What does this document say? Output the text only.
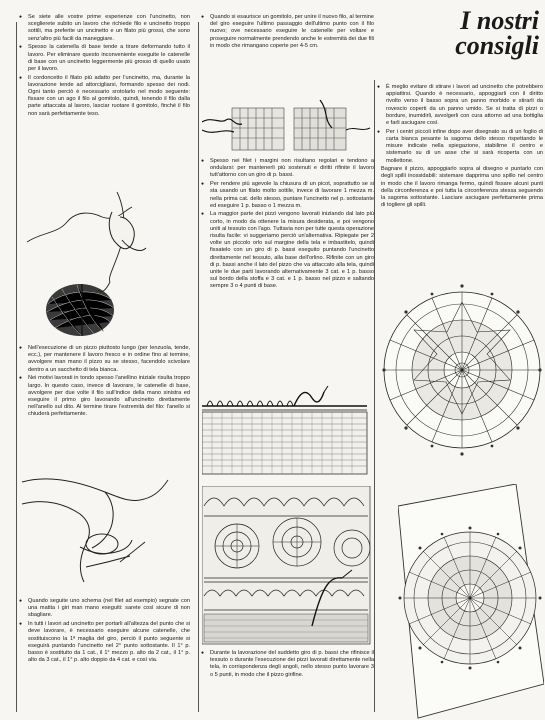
I nostri
consigli

● Se siete alle vostre prime esperienze con l'uncinetto, non sceglierete subito un lavoro che richiede filo e uncinetto troppo sottili, ma preferite un uncinetto e un filato più grossi, che sono senz'altro più facili da maneggiare.

● Spesso la catenella di base tende a tirare deformando tutto il lavoro. Per eliminare questo inconveniente eseguite le catenelle di base con un uncinetto leggermente più grosso di quello usato per il lavoro.

● Il cordoncetto il filato più adatto per l'uncinetto, ma, durante la lavorazione tende ad attorcigliarsi, formando spesso dei nodi. Ogni tanto perciò è necessario srotolarlo nel modo seguente: fissare con un ago il filo al gomitolo, quindi, tenendo il filo dalla parte attaccata al lavoro, lasciar ruotare il gomitolo, finché il filo non sarà perfettamente teso.

● Nell'esecuzione di un pizzo piuttosto lungo (per lenzuola, tende, ecc.), per mantenere il lavoro fresco e in ordine fino al termine, avvolgere man mano il pizzo su se stesso, facendolo scivolare dentro a un sacchetto di tela bianca.

● Nei motivi lavorati in tondo spesso l'anellino iniziale risulta troppo largo. In questo caso, invece di lavorare, le catenelle di base, avvolgere per due volte il filo sull'indice della mano sinistra ed eseguire il primo giro lavorando all'uncinetto direttamente nell'anello sul dito. Al termine tirare l'estremità del filo: l'anello si chiuderà perfettamente.

● Quando seguite uno schema (nel filet ad esempio) segnate con una matita i giri man mano eseguiti: sarete così sicure di non sbagliare.

● In tutti i lavori ad uncinetto per portarli all'altezza del punto che si deve lavorare, è necessario eseguire alcune catenelle, che sostituiscono la 1ª maglia del giro, perciò il punto seguente si eseguirà puntando l'uncinetto nel 2° punto sottostante. Il 1° p. basso è sostituito da 1 cat., il 1° mezzo p. alto da 2 cat., il 1° p. alto da 3 cat., il 1° p. alto doppio da 4 cat. e così via.

● Quando si esaurisce un gomitolo, per unire il nuovo filo, al termine del giro eseguire l'ultimo passaggio dell'ultimo punto con il filo nuovo; ove necessario eseguire le catenelle per voltare e proseguire normalmente prendendo anche le estremità dei due fili in modo che rimangano coperte per 4-5 cm.

● Spesso nei filet i margini non risultano regolari e tendono a ondularsi: per mantenerli più sostenuti e diritti rifinite il lavoro tutt'attorno con un giro di p. bassi.

● Per rendere più agevole la chiusura di un picot, soprattutto se si sta usando un filato molto sottile, invece di lavorare 1 mezza m. nella prima cat. dello stesso, puntare l'uncinetto nel p. sottostante ed eseguire 1 p. basso o 1 mezza m.

● La maggior parte dei pizzi vengono lavorati iniziando dal lato più corto, in modo da ottenere la misura desiderata, e poi vengono uniti al tessuto con l'ago. Tuttavia non per tutte questa operazione risulta facile: vi suggeriamo perciò un'alternativa. Ripiegate per 2 volte un piccolo orlo sul margine della tela e imbastitelo, quindi fissatelo con un giro di p. bassi eseguito puntando l'uncinetto direttamente nel tessuto, alla base dell'orlino. Rifinite con un giro di p. bassi anche il lato del pizzo che va attaccato alla tela, quindi unite le due parti lavorando alternativamente 3 cat. e 1 p. basso sul bordo della stoffa e 3 cat. e 1 p. basso nel pizzo e saltando sempre 3 o 4 punti di base.

● Durante la lavorazione del suddetto giro di p. bassi che rifinisce il tessuto o durante l'esecuzione dei pizzi lavorati direttamente nella tela, in corrispondenza degli angoli, nello stesso punto lavorare 3 o 5 punti, in modo che il pizzo girifine.

● È meglio evitare di stirare i lavori ad uncinetto che potrebbero appiattirsi. Quando è necessario, appoggiarli con il diritto rivolto verso il basso sopra un panno morbido e stirarli da rovescio coperti da un panno umido. Se si tratta di pizzi o bordure, inumidirli, avvolgerli con cura attorno ad una bottiglia e farli asciugare così.

● Per i centri piccoli infine dopo aver disegnato su di un foglio di carta bianca pesante la sagoma dello stesso rispettando le misure indicate nella spiegazione, stabilirne il centro e sistemarlo su di un asse che si sarà ricoperta con un mollettone.

Bagnare il pizzo, appoggiarlo sopra al disegno e puntarlo con degli spilli inossidabili: sistemare dapprima uno spillo nel centro in modo che il lavoro rimanga fermo, quindi fissare alcuni punti della circonferenza e poi tutta la circonferenza stessa seguendo la sagoma sottostante. Lasciare asciugare perfettamente prima di togliere gli spilli.
